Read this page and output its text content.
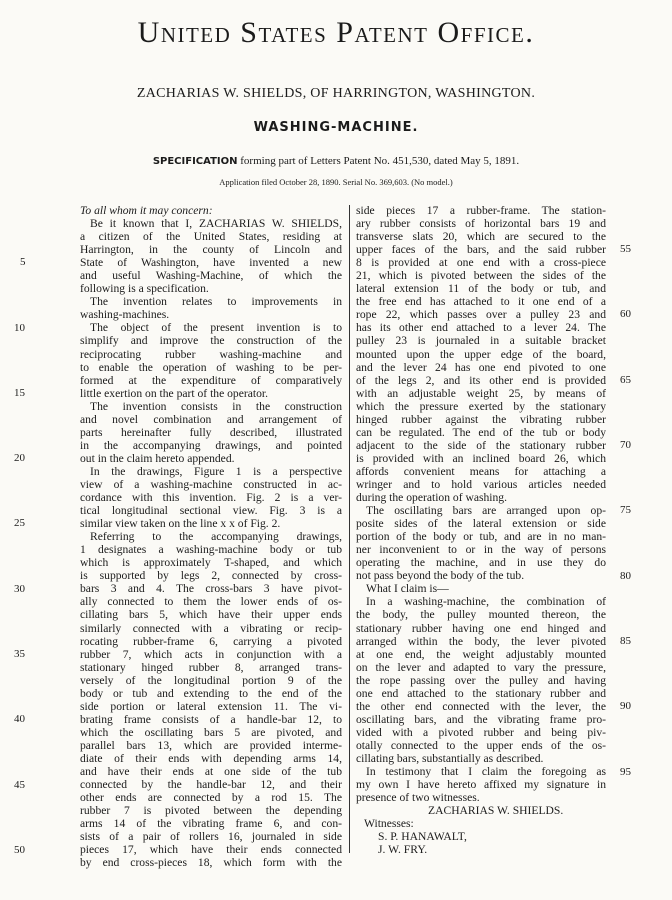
United States Patent Office.
ZACHARIAS W. SHIELDS, OF HARRINGTON, WASHINGTON.
WASHING-MACHINE.
SPECIFICATION forming part of Letters Patent No. 451,530, dated May 5, 1891.
Application filed October 28, 1890. Serial No. 369,603. (No model.)
To all whom it may concern:
Be it known that I, ZACHARIAS W. SHIELDS,
a citizen of the United States, residing at
Harrington, in the county of Lincoln and
State of Washington, have invented a new
and useful Washing-Machine, of which the
following is a specification.
The invention relates to improvements in
washing-machines.
The object of the present invention is to
simplify and improve the construction of the
reciprocating rubber washing-machine and
to enable the operation of washing to be per-
formed at the expenditure of comparatively
little exertion on the part of the operator.
The invention consists in the construction
and novel combination and arrangement of
parts hereinafter fully described, illustrated
in the accompanying drawings, and pointed
out in the claim hereto appended.
In the drawings, Figure 1 is a perspective
view of a washing-machine constructed in ac-
cordance with this invention. Fig. 2 is a ver-
tical longitudinal sectional view. Fig. 3 is a
similar view taken on the line x x of Fig. 2.
Referring to the accompanying drawings,
1 designates a washing-machine body or tub
which is approximately T-shaped, and which
is supported by legs 2, connected by cross-
bars 3 and 4. The cross-bars 3 have pivot-
ally connected to them the lower ends of os-
cillating bars 5, which have their upper ends
similarly connected with a vibrating or recip-
rocating rubber-frame 6, carrying a pivoted
rubber 7, which acts in conjunction with a
stationary hinged rubber 8, arranged trans-
versely of the longitudinal portion 9 of the
body or tub and extending to the end of the
side portion or lateral extension 11. The vi-
brating frame consists of a handle-bar 12, to
which the oscillating bars 5 are pivoted, and
parallel bars 13, which are provided interme-
diate of their ends with depending arms 14,
and have their ends at one side of the tub
connected by the handle-bar 12, and their
other ends are connected by a rod 15. The
rubber 7 is pivoted between the depending
arms 14 of the vibrating frame 6, and con-
sists of a pair of rollers 16, journaled in side
pieces 17, which have their ends connected
by end cross-pieces 18, which form with the
side pieces 17 a rubber-frame. The station-
ary rubber consists of horizontal bars 19 and
transverse slats 20, which are secured to the
upper faces of the bars, and the said rubber
8 is provided at one end with a cross-piece
21, which is pivoted between the sides of the
lateral extension 11 of the body or tub, and
the free end has attached to it one end of a
rope 22, which passes over a pulley 23 and
has its other end attached to a lever 24. The
pulley 23 is journaled in a suitable bracket
mounted upon the upper edge of the board,
and the lever 24 has one end pivoted to one
of the legs 2, and its other end is provided
with an adjustable weight 25, by means of
which the pressure exerted by the stationary
hinged rubber against the vibrating rubber
can be regulated. The end of the tub or body
adjacent to the side of the stationary rubber
is provided with an inclined board 26, which
affords convenient means for attaching a
wringer and to hold various articles needed
during the operation of washing.
The oscillating bars are arranged upon op-
posite sides of the lateral extension or side
portion of the body or tub, and are in no man-
ner inconvenient to or in the way of persons
operating the machine, and in use they do
not pass beyond the body of the tub.
What I claim is—
In a washing-machine, the combination of
the body, the pulley mounted thereon, the
stationary rubber having one end hinged and
arranged within the body, the lever pivoted
at one end, the weight adjustably mounted
on the lever and adapted to vary the pressure,
the rope passing over the pulley and having
one end attached to the stationary rubber and
the other end connected with the lever, the
oscillating bars, and the vibrating frame pro-
vided with a pivoted rubber and being piv-
otally connected to the upper ends of the os-
cillating bars, substantially as described.
In testimony that I claim the foregoing as
my own I have hereto affixed my signature in
presence of two witnesses.
ZACHARIAS W. SHIELDS.
Witnesses:
S. P. HANAWALT,
J. W. FRY.
5
10
15
20
25
30
35
40
45
50
55
60
65
70
75
80
85
90
95
